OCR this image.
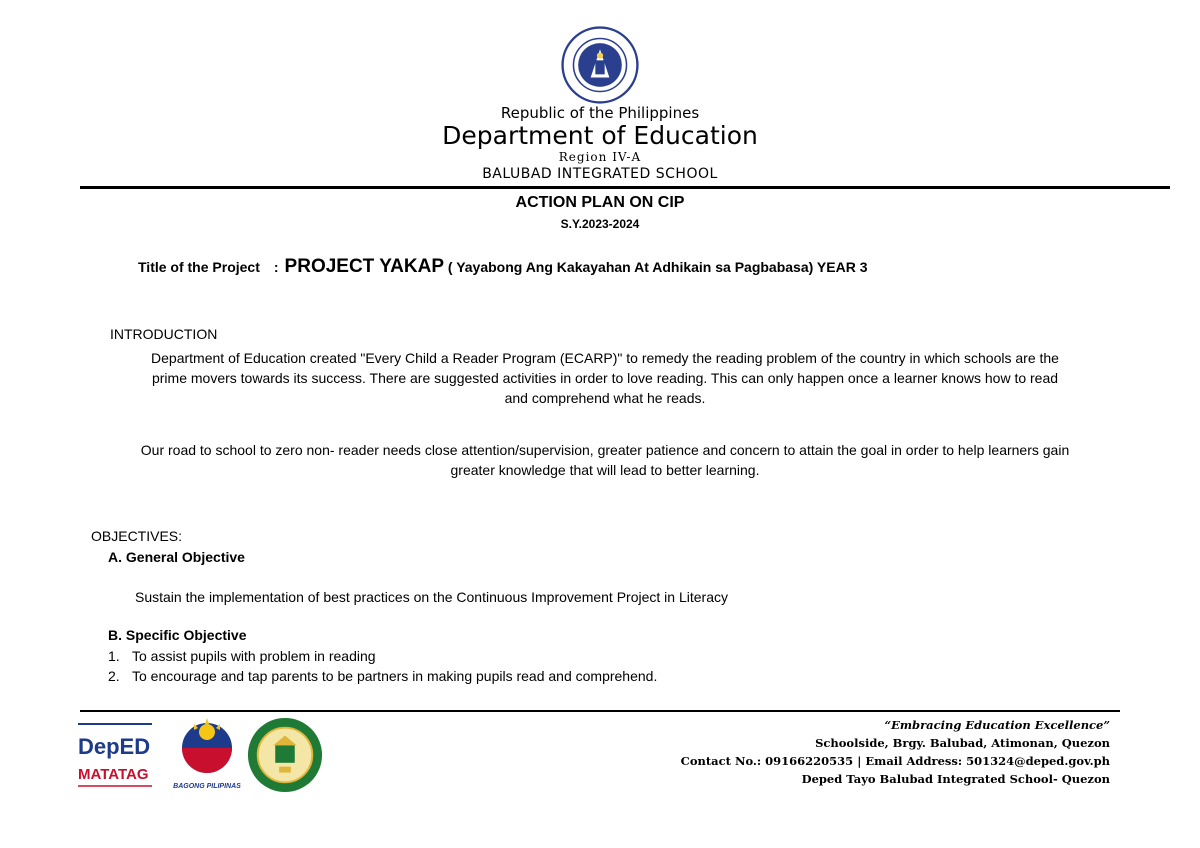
Republic of the Philippines
Department of Education
Region IV-A
BALUBAD INTEGRATED SCHOOL
ACTION PLAN ON CIP
S.Y.2023-2024
Title of the Project : PROJECT YAKAP ( Yayabong Ang Kakayahan At Adhikain sa Pagbabasa) YEAR 3
INTRODUCTION
Department of Education created "Every Child a Reader Program (ECARP)" to remedy the reading problem of the country in which schools are the prime movers towards its success. There are suggested activities in order to love reading. This can only happen once a learner knows how to read and comprehend what he reads.
Our road to school to zero non- reader needs close attention/supervision, greater patience and concern to attain the goal in order to help learners gain greater knowledge that will lead to better learning.
OBJECTIVES:
A. General Objective
Sustain the implementation of best practices on the Continuous Improvement Project in Literacy
B. Specific Objective
1. To assist pupils with problem in reading
2. To encourage and tap parents to be partners in making pupils read and comprehend.
DepED
MATATAG
BAGONG PILIPINAS
“Embracing Education Excellence”
Schoolside, Brgy. Balubad, Atimonan, Quezon
Contact No.: 09166220535 | Email Address: 501324@deped.gov.ph
Deped Tayo Balubad Integrated School- Quezon
